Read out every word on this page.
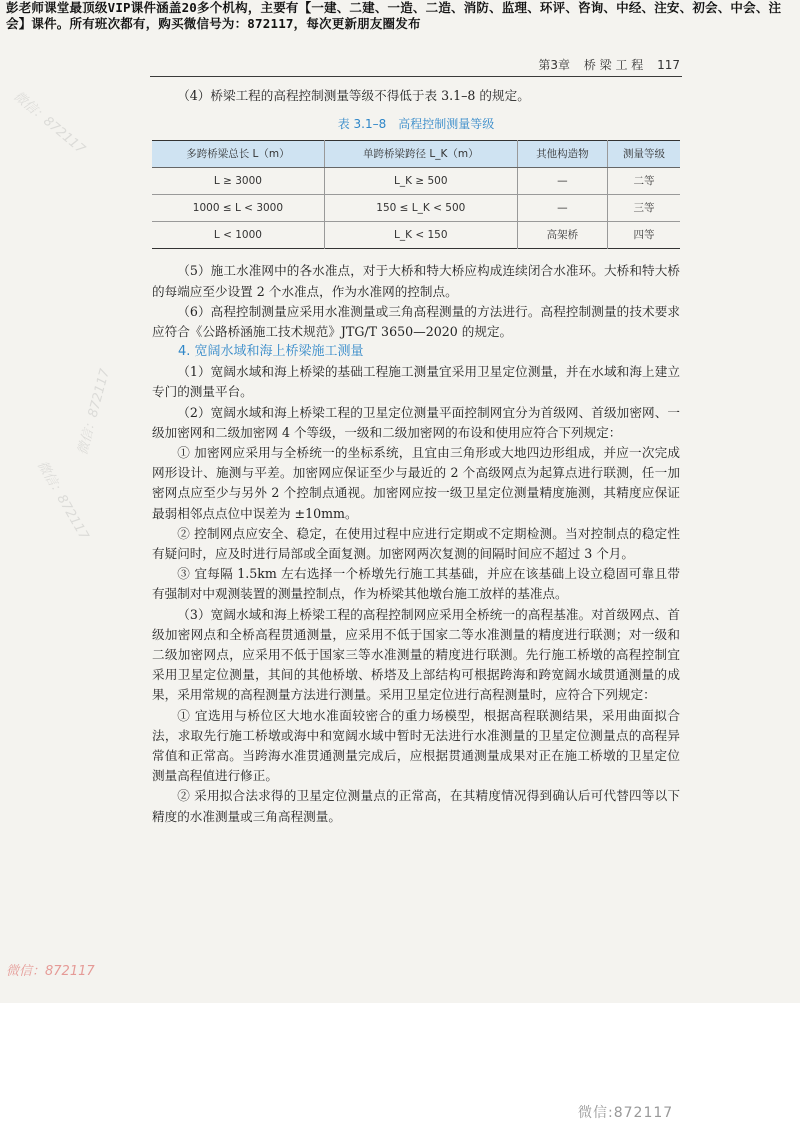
彭老师课堂最顶级VIP课件涵盖20多个机构，主要有【一建、二建、一造、二造、消防、监理、环评、咨询、中经、注安、初会、中会、注会】课件。所有班次都有，购买微信号为：872117，每次更新朋友圈发布
第3章 桥 梁 工 程 117

（4）桥梁工程的高程控制测量等级不得低于表 3.1–8 的规定。

表 3.1–8　高程控制测量等级
多跨桥梁总长 L（m）	单跨桥梁跨径 L_K（m）	其他构造物	测量等级
L ≥ 3000	L_K ≥ 500	—	二等
1000 ≤ L < 3000	150 ≤ L_K < 500	—	三等
L < 1000	L_K < 150	高架桥	四等

（5）施工水准网中的各水准点，对于大桥和特大桥应构成连续闭合水准环。大桥和特大桥的每端应至少设置 2 个水准点，作为水准网的控制点。

（6）高程控制测量应采用水准测量或三角高程测量的方法进行。高程控制测量的技术要求应符合《公路桥涵施工技术规范》JTG/T 3650—2020 的规定。

4. 宽阔水域和海上桥梁施工测量

（1）宽阔水域和海上桥梁的基础工程施工测量宜采用卫星定位测量，并在水域和海上建立专门的测量平台。

（2）宽阔水域和海上桥梁工程的卫星定位测量平面控制网宜分为首级网、首级加密网、一级加密网和二级加密网 4 个等级，一级和二级加密网的布设和使用应符合下列规定：

① 加密网应采用与全桥统一的坐标系统，且宜由三角形或大地四边形组成，并应一次完成网形设计、施测与平差。加密网应保证至少与最近的 2 个高级网点为起算点进行联测，任一加密网点应至少与另外 2 个控制点通视。加密网应按一级卫星定位测量精度施测，其精度应保证最弱相邻点点位中误差为 ±10mm。

② 控制网点应安全、稳定，在使用过程中应进行定期或不定期检测。当对控制点的稳定性有疑问时，应及时进行局部或全面复测。加密网两次复测的间隔时间应不超过 3 个月。

③ 宜每隔 1.5km 左右选择一个桥墩先行施工其基础，并应在该基础上设立稳固可靠且带有强制对中观测装置的测量控制点，作为桥梁其他墩台施工放样的基准点。

（3）宽阔水域和海上桥梁工程的高程控制网应采用全桥统一的高程基准。对首级网点、首级加密网点和全桥高程贯通测量，应采用不低于国家二等水准测量的精度进行联测；对一级和二级加密网点，应采用不低于国家三等水准测量的精度进行联测。先行施工桥墩的高程控制宜采用卫星定位测量，其间的其他桥墩、桥塔及上部结构可根据跨海和跨宽阔水域贯通测量的成果，采用常规的高程测量方法进行测量。采用卫星定位进行高程测量时，应符合下列规定：

① 宜选用与桥位区大地水准面较密合的重力场模型，根据高程联测结果，采用曲面拟合法，求取先行施工桥墩或海中和宽阔水域中暂时无法进行水准测量的卫星定位测量点的高程异常值和正常高。当跨海水准贯通测量完成后，应根据贯通测量成果对正在施工桥墩的卫星定位测量高程值进行修正。

② 采用拟合法求得的卫星定位测量点的正常高，在其精度情况得到确认后可代替四等以下精度的水准测量或三角高程测量。

微信：872117
微信：872117
微信：872117
微信：872117
微信:872117
